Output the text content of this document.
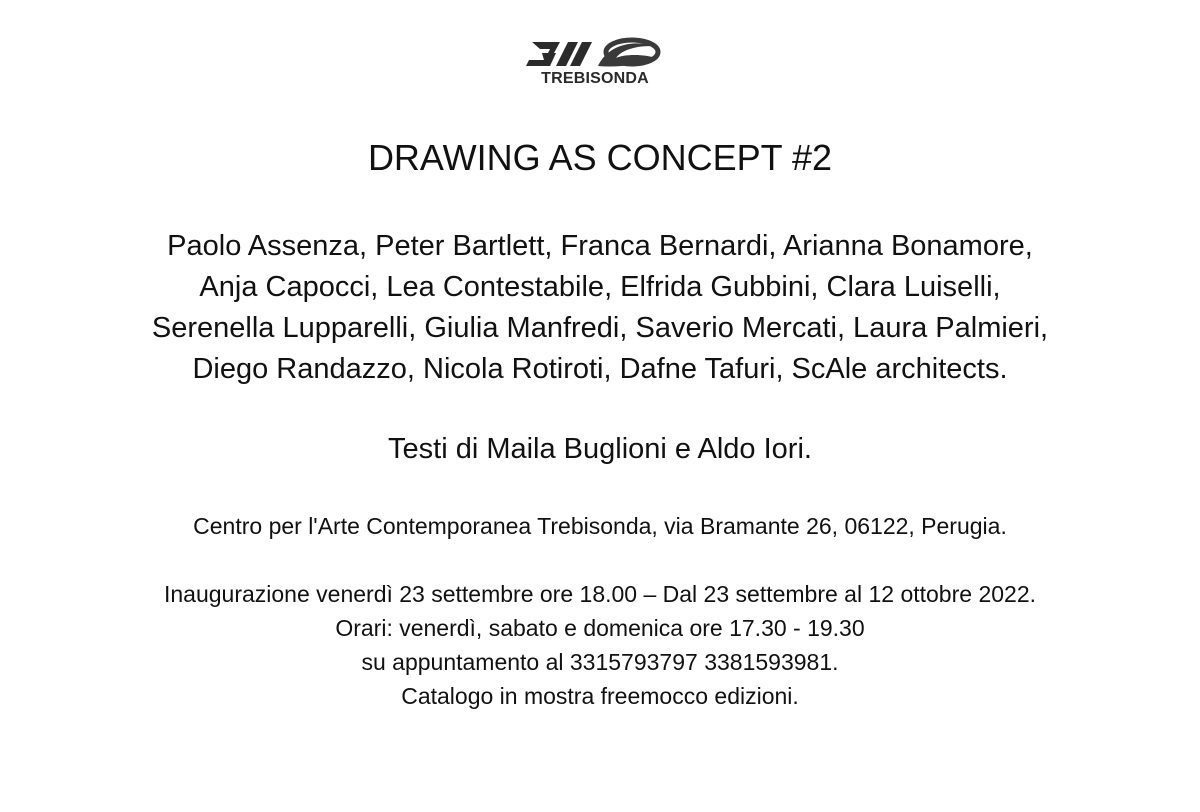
TREBISONDA
DRAWING AS CONCEPT #2
Paolo Assenza, Peter Bartlett, Franca Bernardi, Arianna Bonamore,
Anja Capocci, Lea Contestabile, Elfrida Gubbini, Clara Luiselli,
Serenella Lupparelli, Giulia Manfredi, Saverio Mercati, Laura Palmieri,
Diego Randazzo, Nicola Rotiroti, Dafne Tafuri, ScAle architects.
Testi di Maila Buglioni e Aldo Iori.
Centro per l'Arte Contemporanea Trebisonda, via Bramante 26, 06122, Perugia.
Inaugurazione venerdì 23 settembre ore 18.00 – Dal 23 settembre al 12 ottobre 2022.
Orari: venerdì, sabato e domenica ore 17.30 - 19.30
su appuntamento al 3315793797 3381593981.
Catalogo in mostra freemocco edizioni.
